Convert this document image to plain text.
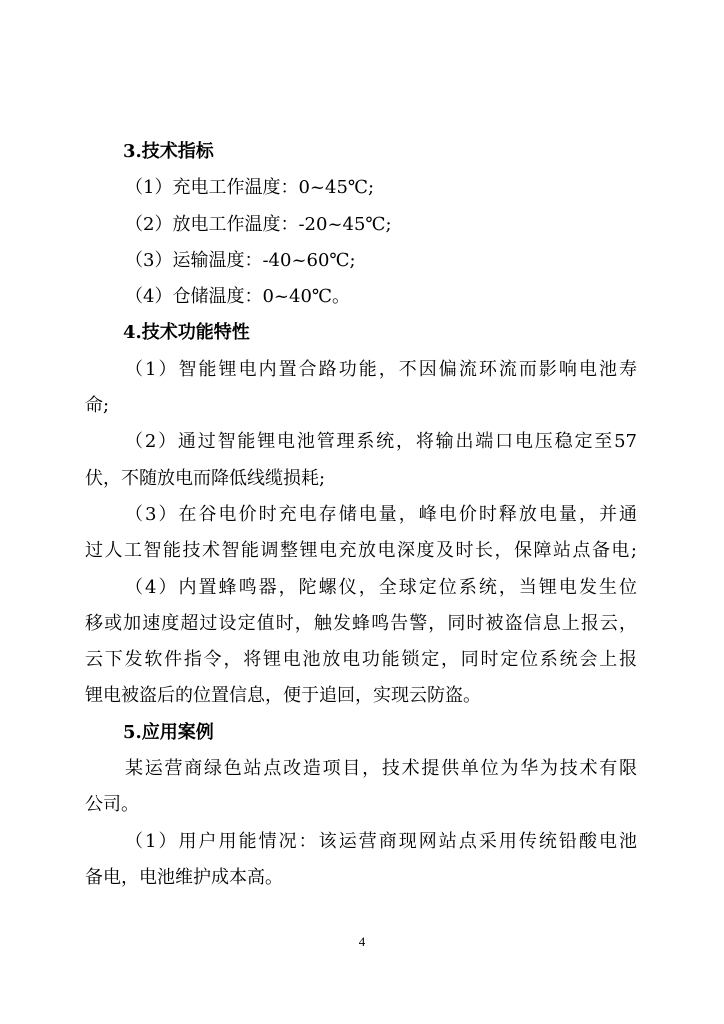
3.技术指标
（1）充电工作温度：0~45℃;
（2）放电工作温度：-20~45℃;
（3）运输温度：-40~60℃;
（4）仓储温度：0~40℃。
4.技术功能特性
（1）智能锂电内置合路功能，不因偏流环流而影响电池寿
命;
（2）通过智能锂电池管理系统，将输出端口电压稳定至57
伏，不随放电而降低线缆损耗;
（3）在谷电价时充电存储电量，峰电价时释放电量，并通
过人工智能技术智能调整锂电充放电深度及时长，保障站点备电;
（4）内置蜂鸣器，陀螺仪，全球定位系统，当锂电发生位
移或加速度超过设定值时，触发蜂鸣告警，同时被盗信息上报云，
云下发软件指令，将锂电池放电功能锁定，同时定位系统会上报
锂电被盗后的位置信息，便于追回，实现云防盗。
5.应用案例
某运营商绿色站点改造项目，技术提供单位为华为技术有限
公司。
（1）用户用能情况：该运营商现网站点采用传统铅酸电池
备电，电池维护成本高。
4
